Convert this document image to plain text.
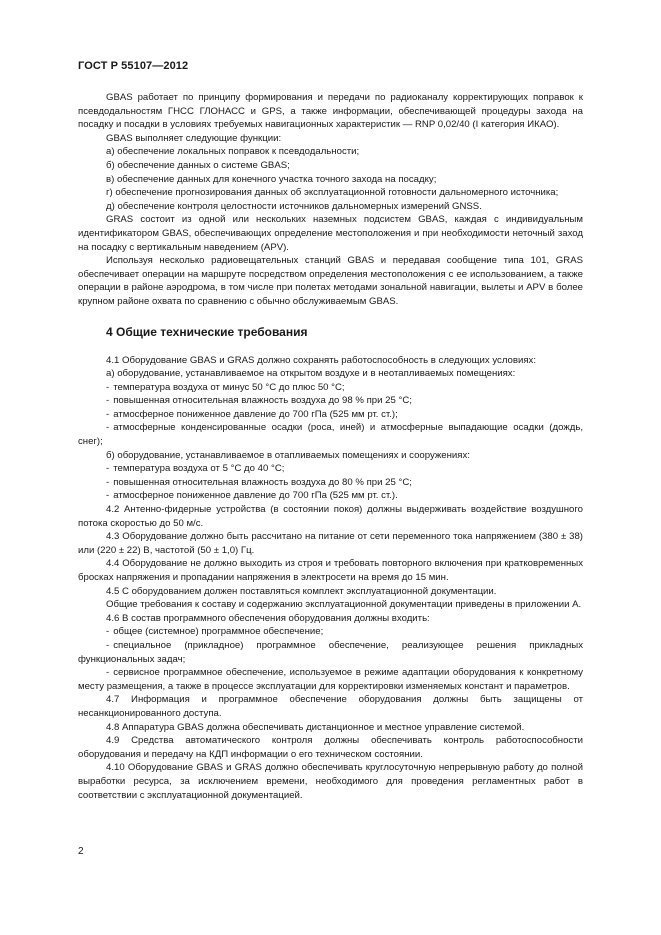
ГОСТ Р 55107—2012

GBAS работает по принципу формирования и передачи по радиоканалу корректирующих поправок к псевдодальностям ГНСС ГЛОНАСС и GPS, а также информации, обеспечивающей процедуры захода на посадку и посадки в условиях требуемых навигационных характеристик — RNP 0,02/40 (I категория ИКАО).

GBAS выполняет следующие функции:

а) обеспечение локальных поправок к псевдодальности;

б) обеспечение данных о системе GBAS;

в) обеспечение данных для конечного участка точного захода на посадку;

г) обеспечение прогнозирования данных об эксплуатационной готовности дальномерного источника;

д) обеспечение контроля целостности источников дальномерных измерений GNSS.

GRAS состоит из одной или нескольких наземных подсистем GBAS, каждая с индивидуальным идентификатором GBAS, обеспечивающих определение местоположения и при необходимости неточный заход на посадку с вертикальным наведением (APV).

Используя несколько радиовещательных станций GBAS и передавая сообщение типа 101, GRAS обеспечивает операции на маршруте посредством определения местоположения с ее использованием, а также операции в районе аэродрома, в том числе при полетах методами зональной навигации, вылеты и APV в более крупном районе охвата по сравнению с обычно обслуживаемым GBAS.

4 Общие технические требования

4.1 Оборудование GBAS и GRAS должно сохранять работоспособность в следующих условиях:

а) оборудование, устанавливаемое на открытом воздухе и в неотапливаемых помещениях:

- температура воздуха от минус 50 °С до плюс 50 °С;

- повышенная относительная влажность воздуха до 98 % при 25 °С;

- атмосферное пониженное давление до 700 гПа (525 мм рт. ст.);

- атмосферные конденсированные осадки (роса, иней) и атмосферные выпадающие осадки (дождь, снег);

б) оборудование, устанавливаемое в отапливаемых помещениях и сооружениях:

- температура воздуха от 5 °С до 40 °С;

- повышенная относительная влажность воздуха до 80 % при 25 °С;

- атмосферное пониженное давление до 700 гПа (525 мм рт. ст.).

4.2 Антенно-фидерные устройства (в состоянии покоя) должны выдерживать воздействие воздушного потока скоростью до 50 м/с.

4.3 Оборудование должно быть рассчитано на питание от сети переменного тока напряжением (380 ± 38) или (220 ± 22) В, частотой (50 ± 1,0) Гц.

4.4 Оборудование не должно выходить из строя и требовать повторного включения при кратковременных бросках напряжения и пропадании напряжения в электросети на время до 15 мин.

4.5 С оборудованием должен поставляться комплект эксплуатационной документации.

Общие требования к составу и содержанию эксплуатационной документации приведены в приложении А.

4.6 В состав программного обеспечения оборудования должны входить:

- общее (системное) программное обеспечение;

- специальное (прикладное) программное обеспечение, реализующее решения прикладных функциональных задач;

- сервисное программное обеспечение, используемое в режиме адаптации оборудования к конкретному месту размещения, а также в процессе эксплуатации для корректировки изменяемых констант и параметров.

4.7 Информация и программное обеспечение оборудования должны быть защищены от несанкционированного доступа.

4.8 Аппаратура GBAS должна обеспечивать дистанционное и местное управление системой.

4.9 Средства автоматического контроля должны обеспечивать контроль работоспособности оборудования и передачу на КДП информации о его техническом состоянии.

4.10 Оборудование GBAS и GRAS должно обеспечивать круглосуточную непрерывную работу до полной выработки ресурса, за исключением времени, необходимого для проведения регламентных работ в соответствии с эксплуатационной документацией.

2
